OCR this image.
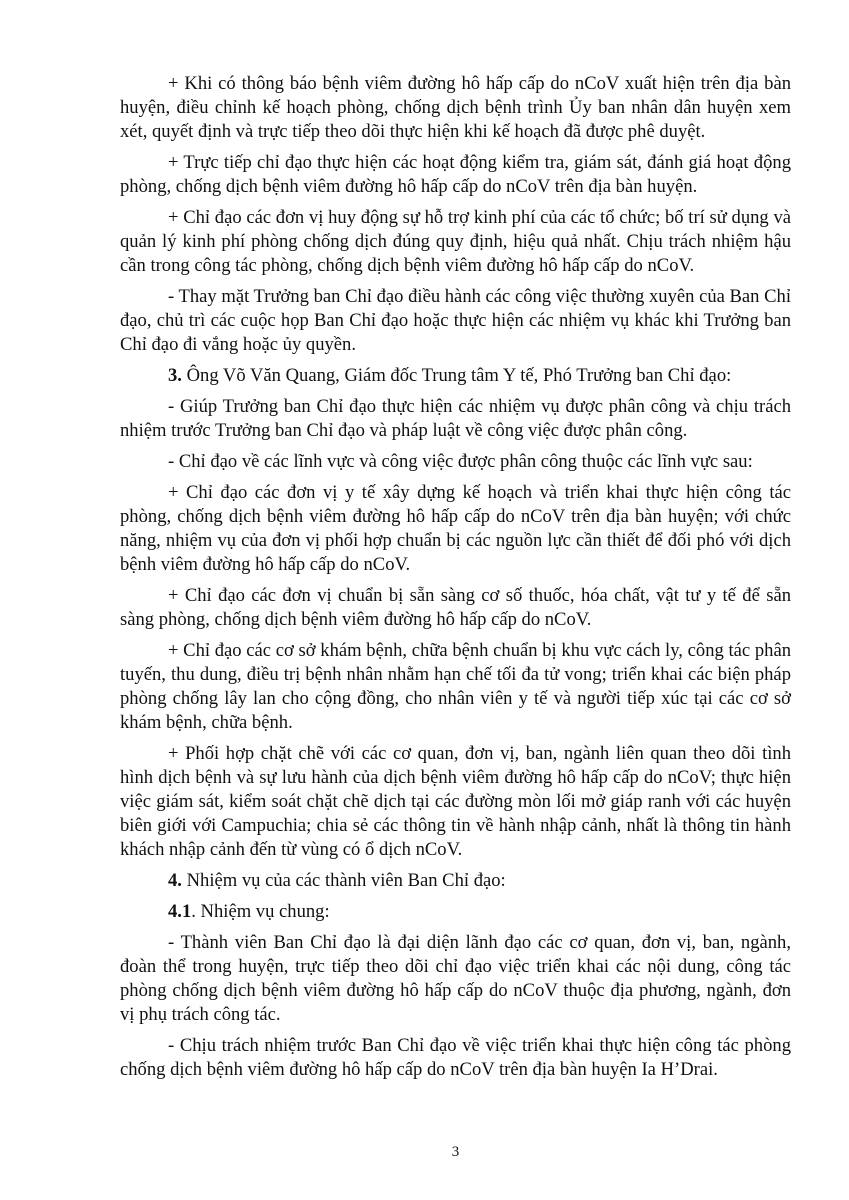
+ Khi có thông báo bệnh viêm đường hô hấp cấp do nCoV xuất hiện trên địa bàn huyện, điều chỉnh kế hoạch phòng, chống dịch bệnh trình Ủy ban nhân dân huyện xem xét, quyết định và trực tiếp theo dõi thực hiện khi kế hoạch đã được phê duyệt.

+ Trực tiếp chỉ đạo thực hiện các hoạt động kiểm tra, giám sát, đánh giá hoạt động phòng, chống dịch bệnh viêm đường hô hấp cấp do nCoV trên địa bàn huyện.

+ Chỉ đạo các đơn vị huy động sự hỗ trợ kinh phí của các tổ chức; bố trí sử dụng và quản lý kinh phí phòng chống dịch đúng quy định, hiệu quả nhất. Chịu trách nhiệm hậu cần trong công tác phòng, chống dịch bệnh viêm đường hô hấp cấp do nCoV.

- Thay mặt Trưởng ban Chỉ đạo điều hành các công việc thường xuyên của Ban Chỉ đạo, chủ trì các cuộc họp Ban Chỉ đạo hoặc thực hiện các nhiệm vụ khác khi Trưởng ban Chỉ đạo đi vắng hoặc ủy quyền.

3. Ông Võ Văn Quang, Giám đốc Trung tâm Y tế, Phó Trưởng ban Chỉ đạo:

- Giúp Trưởng ban Chỉ đạo thực hiện các nhiệm vụ được phân công và chịu trách nhiệm trước Trưởng ban Chỉ đạo và pháp luật về công việc được phân công.

- Chỉ đạo về các lĩnh vực và công việc được phân công thuộc các lĩnh vực sau:

+ Chỉ đạo các đơn vị y tế xây dựng kế hoạch và triển khai thực hiện công tác phòng, chống dịch bệnh viêm đường hô hấp cấp do nCoV trên địa bàn huyện; với chức năng, nhiệm vụ của đơn vị phối hợp chuẩn bị các nguồn lực cần thiết để đối phó với dịch bệnh viêm đường hô hấp cấp do nCoV.

+ Chỉ đạo các đơn vị chuẩn bị sẵn sàng cơ số thuốc, hóa chất, vật tư y tế để sẵn sàng phòng, chống dịch bệnh viêm đường hô hấp cấp do nCoV.

+ Chỉ đạo các cơ sở khám bệnh, chữa bệnh chuẩn bị khu vực cách ly, công tác phân tuyến, thu dung, điều trị bệnh nhân nhằm hạn chế tối đa tử vong; triển khai các biện pháp phòng chống lây lan cho cộng đồng, cho nhân viên y tế và người tiếp xúc tại các cơ sở khám bệnh, chữa bệnh.

+ Phối hợp chặt chẽ với các cơ quan, đơn vị, ban, ngành liên quan theo dõi tình hình dịch bệnh và sự lưu hành của dịch bệnh viêm đường hô hấp cấp do nCoV; thực hiện việc giám sát, kiểm soát chặt chẽ dịch tại các đường mòn lối mở giáp ranh với các huyện biên giới với Campuchia; chia sẻ các thông tin về hành nhập cảnh, nhất là thông tin hành khách nhập cảnh đến từ vùng có ổ dịch nCoV.

4. Nhiệm vụ của các thành viên Ban Chỉ đạo:

4.1. Nhiệm vụ chung:

- Thành viên Ban Chỉ đạo là đại diện lãnh đạo các cơ quan, đơn vị, ban, ngành, đoàn thể trong huyện, trực tiếp theo dõi chỉ đạo việc triển khai các nội dung, công tác phòng chống dịch bệnh viêm đường hô hấp cấp do nCoV thuộc địa phương, ngành, đơn vị phụ trách công tác.

- Chịu trách nhiệm trước Ban Chỉ đạo về việc triển khai thực hiện công tác phòng chống dịch bệnh viêm đường hô hấp cấp do nCoV trên địa bàn huyện Ia H’Drai.

3
